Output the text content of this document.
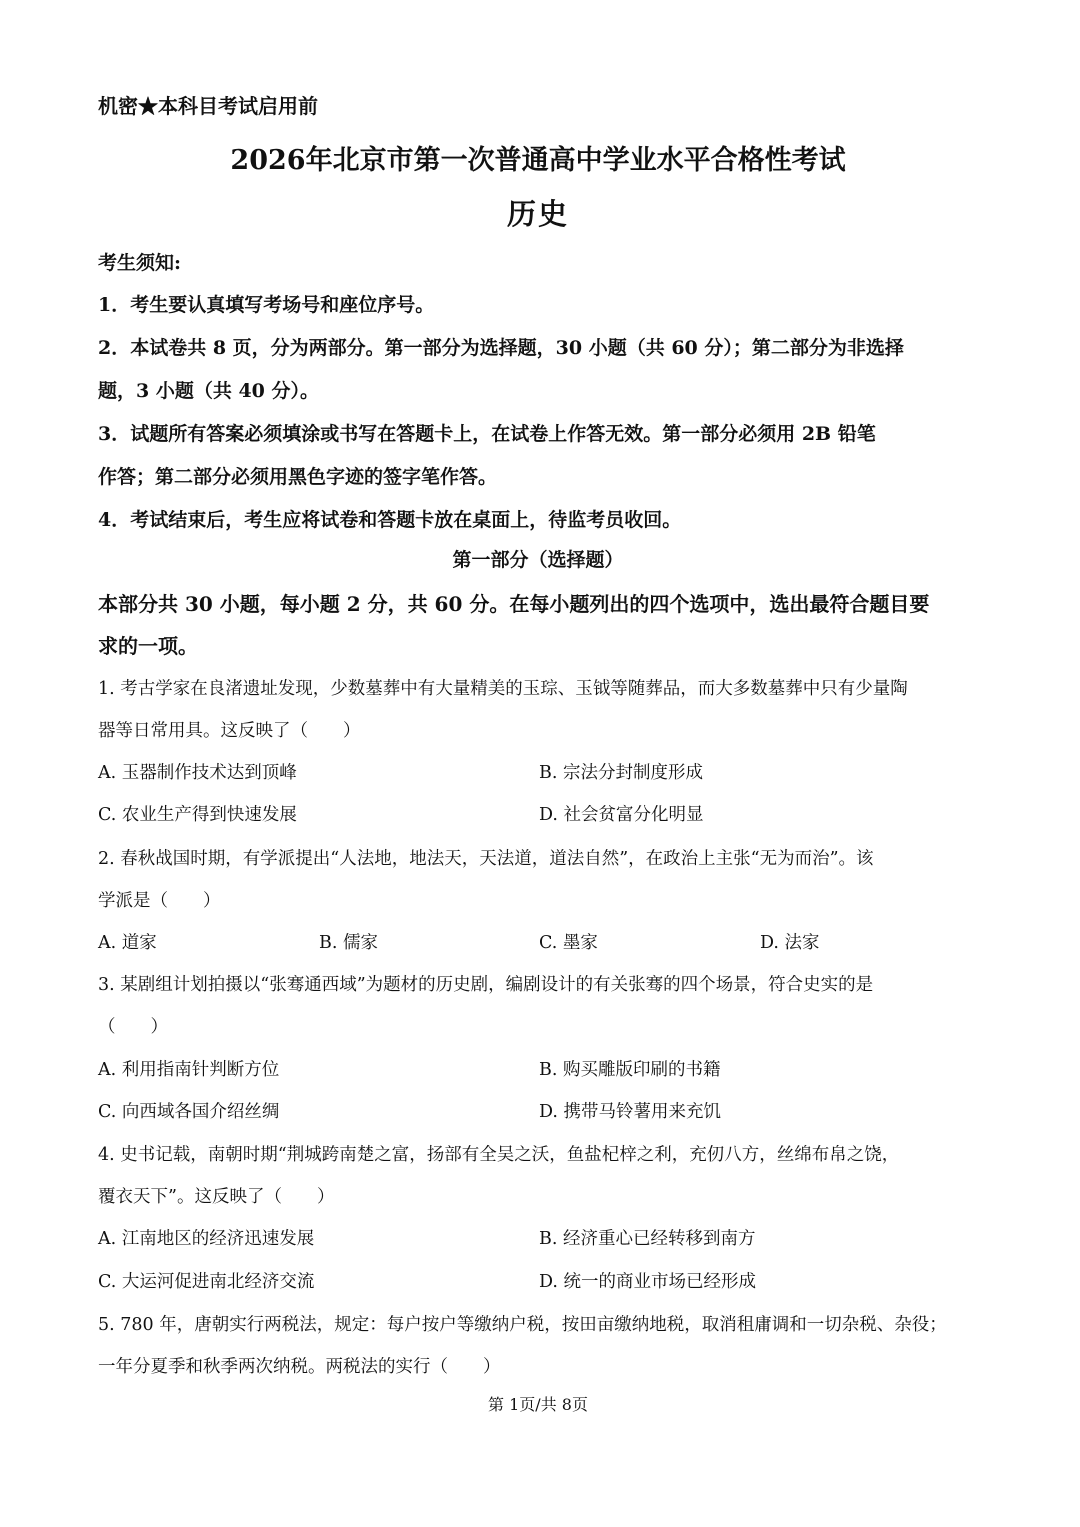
机密★本科目考试启用前
2026年北京市第一次普通高中学业水平合格性考试
历史
考生须知:
1．考生要认真填写考场号和座位序号。
2．本试卷共 8 页，分为两部分。第一部分为选择题，30 小题（共 60 分）；第二部分为非选择
题，3 小题（共 40 分）。
3．试题所有答案必须填涂或书写在答题卡上，在试卷上作答无效。第一部分必须用 2B 铅笔
作答；第二部分必须用黑色字迹的签字笔作答。
4．考试结束后，考生应将试卷和答题卡放在桌面上，待监考员收回。
第一部分（选择题）
本部分共 30 小题，每小题 2 分，共 60 分。在每小题列出的四个选项中，选出最符合题目要
求的一项。
1. 考古学家在良渚遗址发现，少数墓葬中有大量精美的玉琮、玉钺等随葬品，而大多数墓葬中只有少量陶
器等日常用具。这反映了（　　）
A. 玉器制作技术达到顶峰	B. 宗法分封制度形成
C. 农业生产得到快速发展	D. 社会贫富分化明显
2. 春秋战国时期，有学派提出“人法地，地法天，天法道，道法自然”，在政治上主张“无为而治”。该
学派是（　　）
A. 道家	B. 儒家	C. 墨家	D. 法家
3. 某剧组计划拍摄以“张骞通西域”为题材的历史剧，编剧设计的有关张骞的四个场景，符合史实的是
（　　）
A. 利用指南针判断方位	B. 购买雕版印刷的书籍
C. 向西域各国介绍丝绸	D. 携带马铃薯用来充饥
4. 史书记载，南朝时期“荆城跨南楚之富，扬部有全吴之沃，鱼盐杞梓之利，充仞八方，丝绵布帛之饶，
覆衣天下”。这反映了（　　）
A. 江南地区的经济迅速发展	B. 经济重心已经转移到南方
C. 大运河促进南北经济交流	D. 统一的商业市场已经形成
5. 780 年，唐朝实行两税法，规定：每户按户等缴纳户税，按田亩缴纳地税，取消租庸调和一切杂税、杂役；
一年分夏季和秋季两次纳税。两税法的实行（　　）
第 1页/共 8页
